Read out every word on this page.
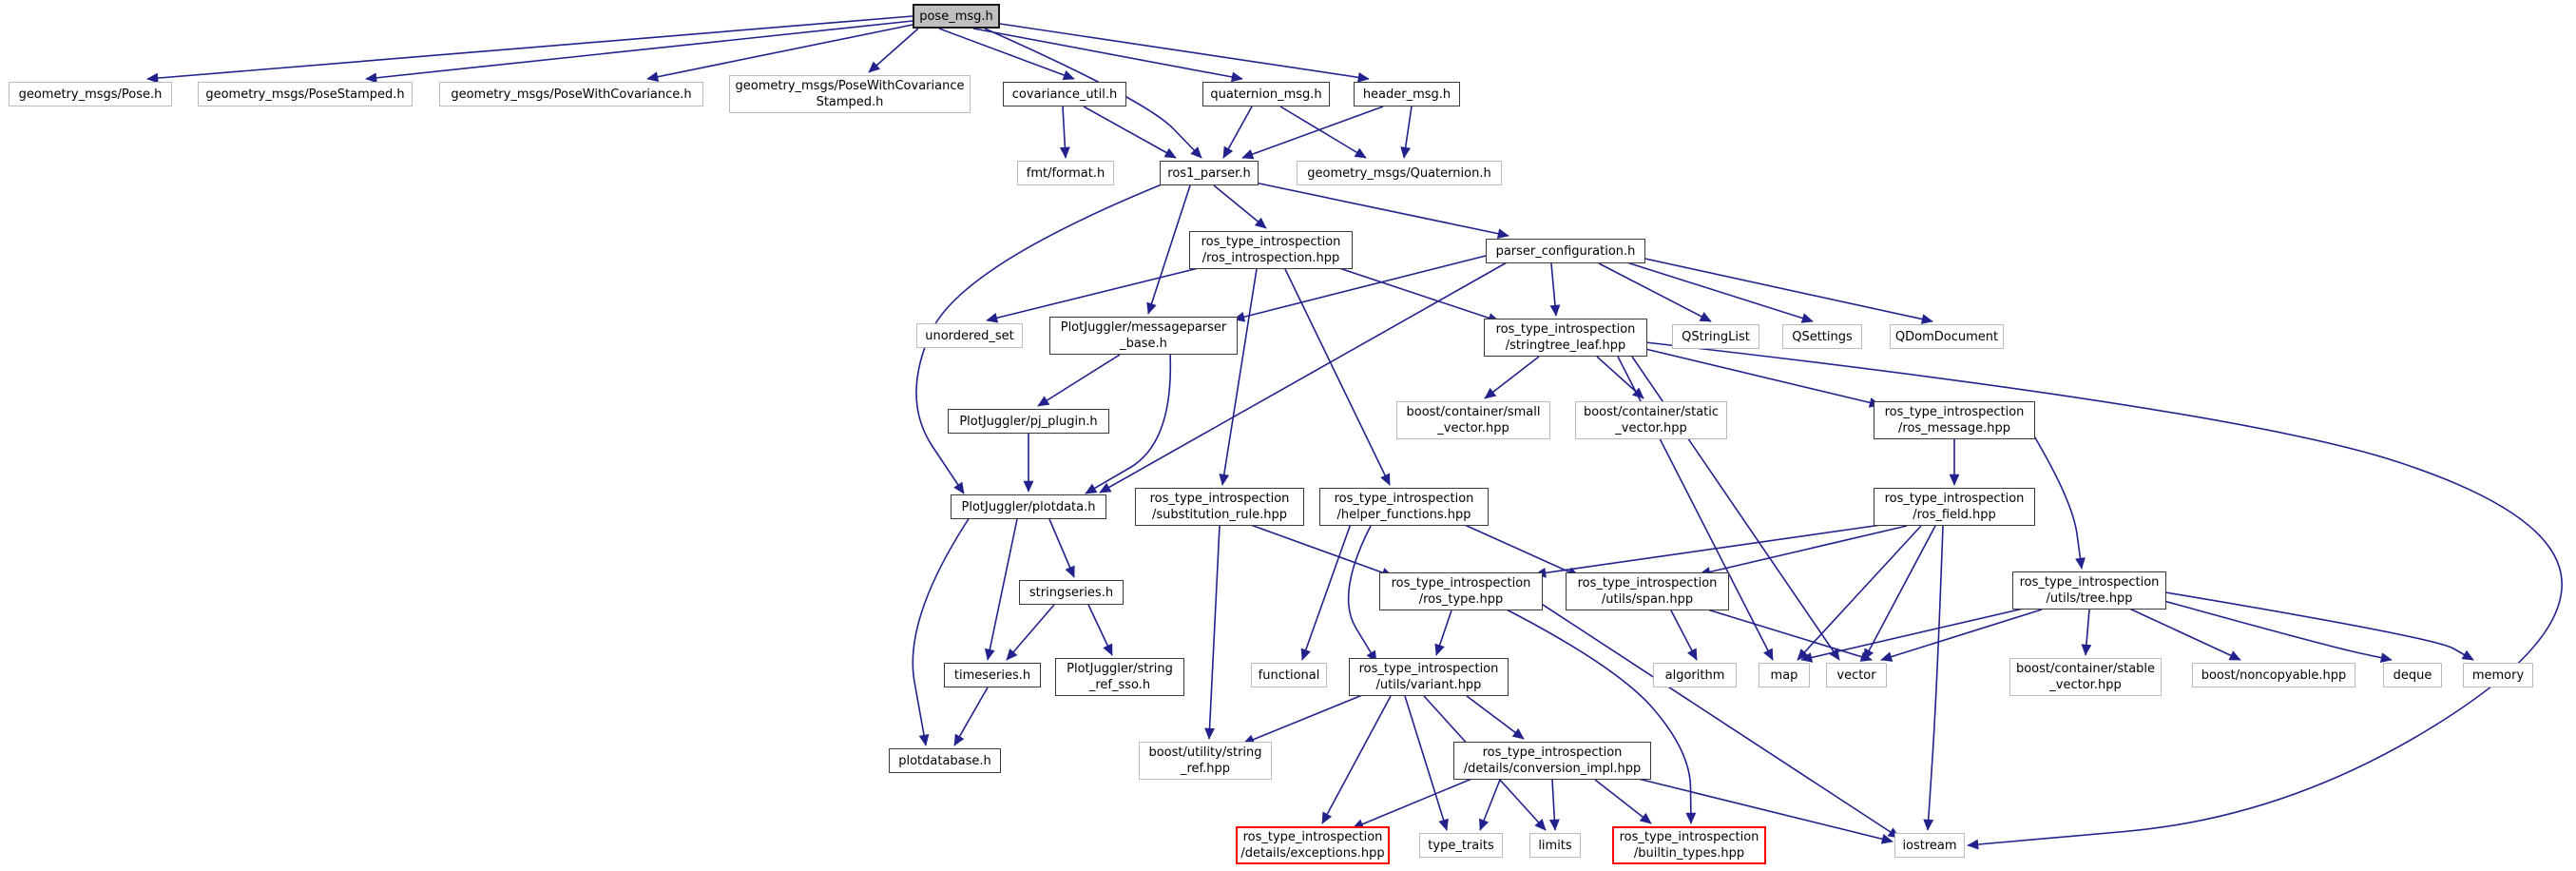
pose_msg.h
geometry_msgs/Pose.h	geometry_msgs/PoseStamped.h	geometry_msgs/PoseWithCovariance.h
geometry_msgs/PoseWithCovariance
Stamped.h
covariance_util.h	quaternion_msg.h	header_msg.h
fmt/format.h	ros1_parser.h	geometry_msgs/Quaternion.h
ros_type_introspection
/ros_introspection.hpp	parser_configuration.h
unordered_set
PlotJuggler/messageparser
_base.h
ros_type_introspection
/stringtree_leaf.hpp
QStringList	QSettings	QDomDocument
PlotJuggler/pj_plugin.h
boost/container/small
_vector.hpp
boost/container/static
_vector.hpp
ros_type_introspection
/ros_message.hpp
PlotJuggler/plotdata.h
ros_type_introspection
/substitution_rule.hpp
ros_type_introspection
/helper_functions.hpp
ros_type_introspection
/ros_field.hpp
stringseries.h
ros_type_introspection
/ros_type.hpp
ros_type_introspection
/utils/span.hpp
ros_type_introspection
/utils/tree.hpp
timeseries.h	PlotJuggler/string
_ref_sso.h
functional	ros_type_introspection
/utils/variant.hpp
algorithm	map	vector	boost/container/stable
_vector.hpp
boost/noncopyable.hpp	deque	memory
plotdatabase.h
boost/utility/string
_ref.hpp
ros_type_introspection
/details/conversion_impl.hpp
ros_type_introspection
/details/exceptions.hpp
type_traits	limits
ros_type_introspection
/builtin_types.hpp
iostream
